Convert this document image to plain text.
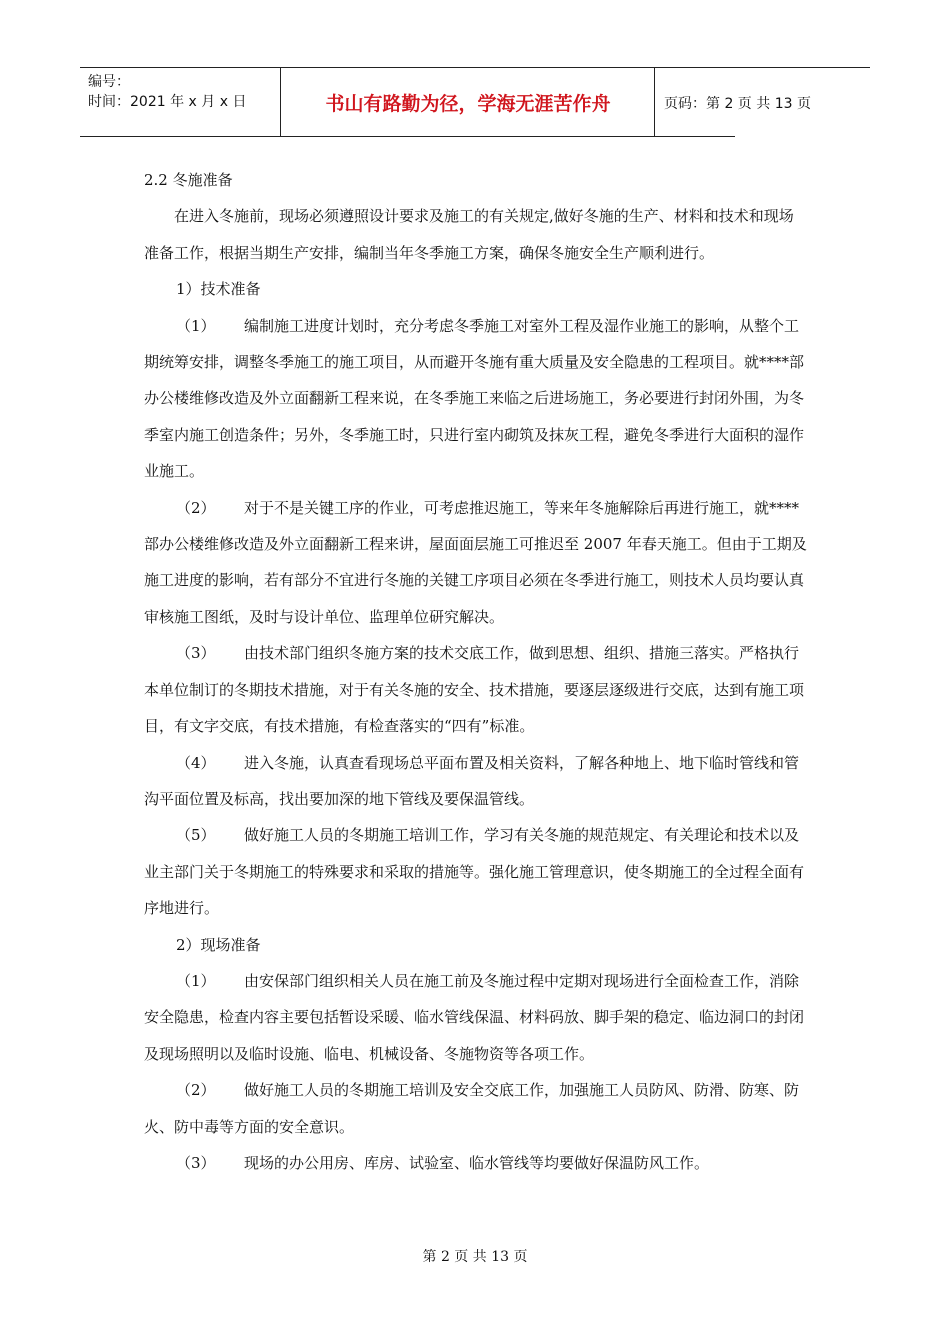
编号：
时间：2021 年 x 月 x 日	书山有路勤为径，学海无涯苦作舟	页码：第 2 页 共 13 页

2.2 冬施准备

在进入冬施前，现场必须遵照设计要求及施工的有关规定,做好冬施的生产、材料和技术和现场准备工作，根据当期生产安排，编制当年冬季施工方案，确保冬施安全生产顺利进行。

1）技术准备

（1） 编制施工进度计划时，充分考虑冬季施工对室外工程及湿作业施工的影响，从整个工期统筹安排，调整冬季施工的施工项目，从而避开冬施有重大质量及安全隐患的工程项目。就****部办公楼维修改造及外立面翻新工程来说，在冬季施工来临之后进场施工，务必要进行封闭外围，为冬季室内施工创造条件；另外，冬季施工时，只进行室内砌筑及抹灰工程，避免冬季进行大面积的湿作业施工。

（2） 对于不是关键工序的作业，可考虑推迟施工，等来年冬施解除后再进行施工，就****部办公楼维修改造及外立面翻新工程来讲，屋面面层施工可推迟至 2007 年春天施工。但由于工期及施工进度的影响，若有部分不宜进行冬施的关键工序项目必须在冬季进行施工，则技术人员均要认真审核施工图纸，及时与设计单位、监理单位研究解决。

（3） 由技术部门组织冬施方案的技术交底工作，做到思想、组织、措施三落实。严格执行本单位制订的冬期技术措施，对于有关冬施的安全、技术措施，要逐层逐级进行交底，达到有施工项目，有文字交底，有技术措施，有检查落实的“四有”标准。

（4） 进入冬施，认真查看现场总平面布置及相关资料，了解各种地上、地下临时管线和管沟平面位置及标高，找出要加深的地下管线及要保温管线。

（5） 做好施工人员的冬期施工培训工作，学习有关冬施的规范规定、有关理论和技术以及业主部门关于冬期施工的特殊要求和采取的措施等。强化施工管理意识，使冬期施工的全过程全面有序地进行。

2）现场准备

（1） 由安保部门组织相关人员在施工前及冬施过程中定期对现场进行全面检查工作，消除安全隐患，检查内容主要包括暂设采暖、临水管线保温、材料码放、脚手架的稳定、临边洞口的封闭及现场照明以及临时设施、临电、机械设备、冬施物资等各项工作。

（2） 做好施工人员的冬期施工培训及安全交底工作，加强施工人员防风、防滑、防寒、防火、防中毒等方面的安全意识。

（3） 现场的办公用房、库房、试验室、临水管线等均要做好保温防风工作。

第 2 页 共 13 页
